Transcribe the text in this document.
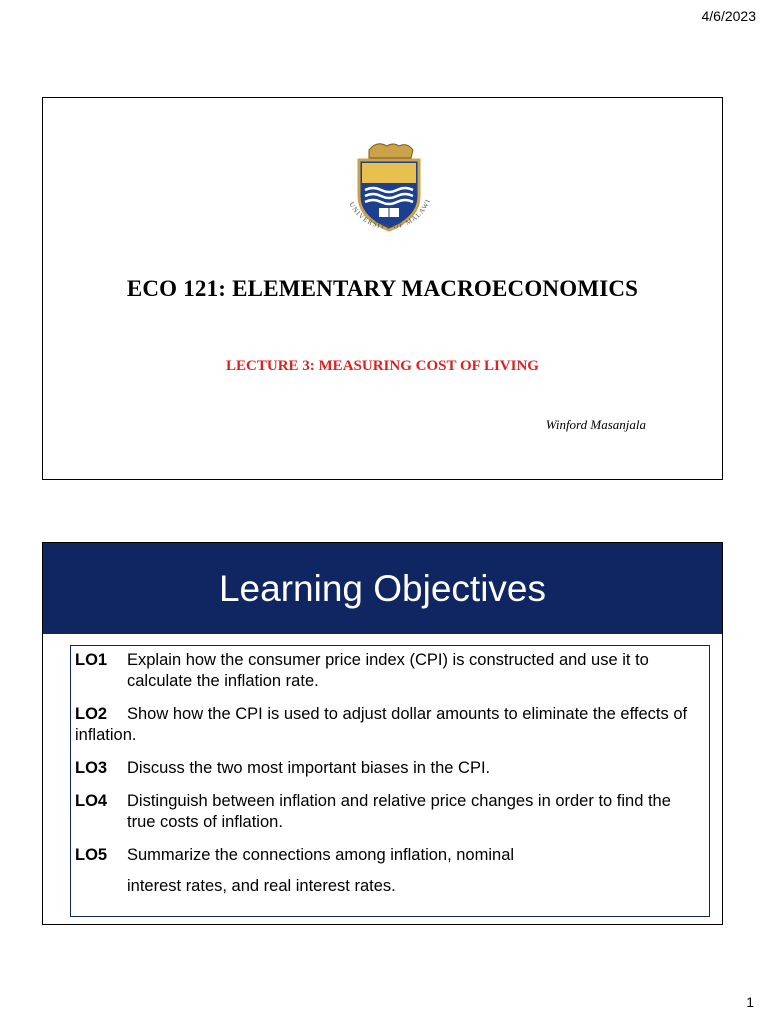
4/6/2023
UNIVERSITY OF MALAWI
ECO 121: ELEMENTARY MACROECONOMICS
LECTURE 3: MEASURING COST OF LIVING
Winford Masanjala
Learning Objectives
LO1	Explain how the consumer price index (CPI) is constructed and use it to calculate the inflation rate.
LO2 Show how the CPI is used to adjust dollar amounts to eliminate the effects of inflation.
LO3	Discuss the two most important biases in the CPI.
LO4	Distinguish between inflation and relative price changes in order to find the true costs of inflation.
LO5	Summarize the connections among inflation, nominal
interest rates, and real interest rates.
1
